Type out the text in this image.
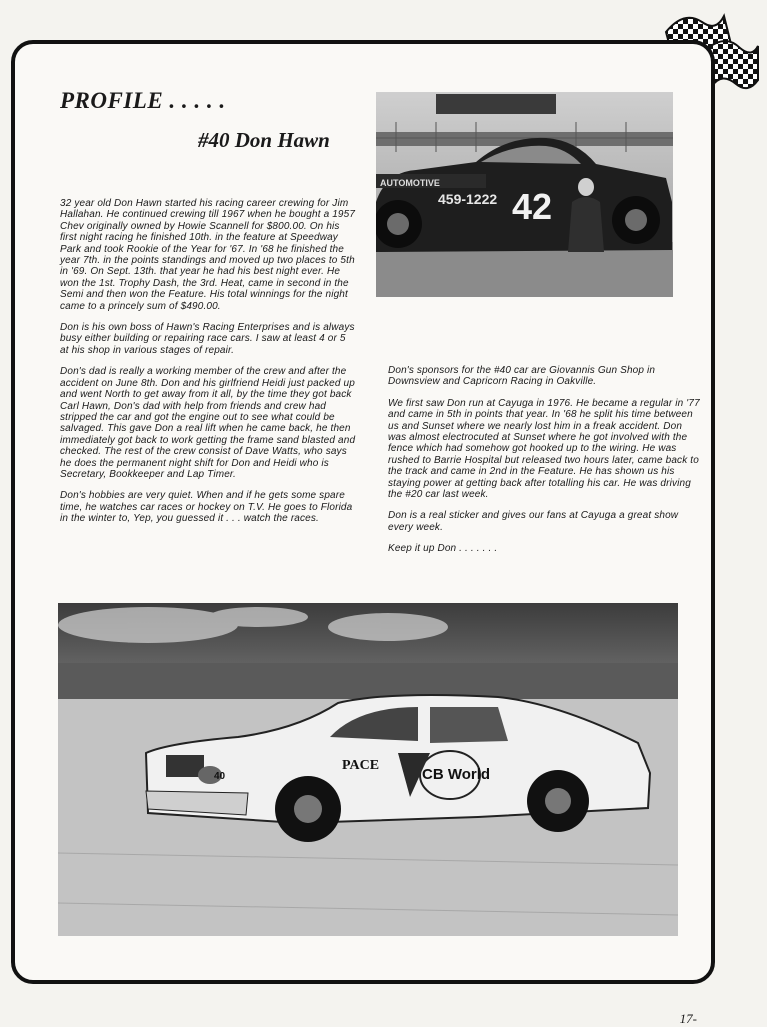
PROFILE . . . . .
#40 Don Hawn
AUTOMOTIVE
459-1222 42

32 year old Don Hawn started his racing career crewing for Jim Hallahan. He continued crewing till 1967 when he bought a 1957 Chev originally owned by Howie Scannell for $800.00. On his first night racing he finished 10th. in the feature at Speedway Park and took Rookie of the Year for '67. In '68 he finished the year 7th. in the points standings and moved up two places to 5th in '69. On Sept. 13th. that year he had his best night ever. He won the 1st. Trophy Dash, the 3rd. Heat, came in second in the Semi and then won the Feature. His total winnings for the night came to a princely sum of $490.00.

Don is his own boss of Hawn's Racing Enterprises and is always busy either building or repairing race cars. I saw at least 4 or 5 at his shop in various stages of repair.

Don's dad is really a working member of the crew and after the accident on June 8th. Don and his girlfriend Heidi just packed up and went North to get away from it all, by the time they got back Carl Hawn, Don's dad with help from friends and crew had stripped the car and got the engine out to see what could be salvaged. This gave Don a real lift when he came back, he then immediately got back to work getting the frame sand blasted and checked. The rest of the crew consist of Dave Watts, who says he does the permanent night shift for Don and Heidi who is Secretary, Bookkeeper and Lap Timer.

Don's hobbies are very quiet. When and if he gets some spare time, he watches car races or hockey on T.V. He goes to Florida in the winter to, Yep, you guessed it . . . watch the races.

Don's sponsors for the #40 car are Giovannis Gun Shop in Downsview and Capricorn Racing in Oakville.

We first saw Don run at Cayuga in 1976. He became a regular in '77 and came in 5th in points that year. In '68 he split his time between us and Sunset where we nearly lost him in a freak accident. Don was almost electrocuted at Sunset where he got involved with the fence which had somehow got hooked up to the wiring. He was rushed to Barrie Hospital but released two hours later, came back to the track and came in 2nd in the Feature. He has shown us his staying power at getting back after totalling his car. He was driving the #20 car last week.

Don is a real sticker and gives our fans at Cayuga a great show every week.

Keep it up Don . . . . . . .

PACE
CB World
40
17-
